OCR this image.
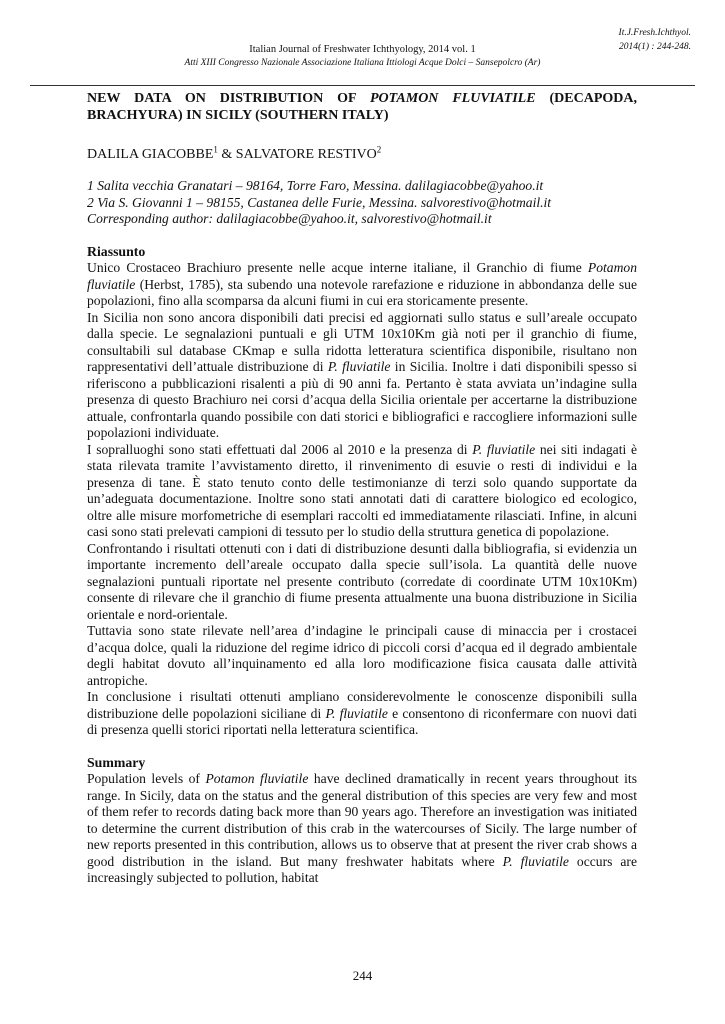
It.J.Fresh.Ichthyol.
2014(1) : 244-248.
Italian Journal of Freshwater Ichthyology, 2014 vol. 1
Atti XIII Congresso Nazionale Associazione Italiana Ittiologi Acque Dolci – Sansepolcro (Ar)
NEW DATA ON DISTRIBUTION OF POTAMON FLUVIATILE (DECAPODA, BRACHYURA) IN SICILY (SOUTHERN ITALY)
DALILA GIACOBBE$^1$ & SALVATORE RESTIVO$^2$
1 Salita vecchia Granatari – 98164, Torre Faro, Messina. dalilagiacobbe@yahoo.it
2 Via S. Giovanni 1 – 98155, Castanea delle Furie, Messina. salvorestivo@hotmail.it
Corresponding author: dalilagiacobbe@yahoo.it, salvorestivo@hotmail.it
Riassunto

Unico Crostaceo Brachiuro presente nelle acque interne italiane, il Granchio di fiume Potamon fluviatile (Herbst, 1785), sta subendo una notevole rarefazione e riduzione in abbondanza delle sue popolazioni, fino alla scomparsa da alcuni fiumi in cui era storicamente presente.

In Sicilia non sono ancora disponibili dati precisi ed aggiornati sullo status e sull’areale occupato dalla specie. Le segnalazioni puntuali e gli UTM 10x10Km già noti per il granchio di fiume, consultabili sul database CKmap e sulla ridotta letteratura scientifica disponibile, risultano non rappresentativi dell’attuale distribuzione di P. fluviatile in Sicilia. Inoltre i dati disponibili spesso si riferiscono a pubblicazioni risalenti a più di 90 anni fa. Pertanto è stata avviata un’indagine sulla presenza di questo Brachiuro nei corsi d’acqua della Sicilia orientale per accertarne la distribuzione attuale, confrontarla quando possibile con dati storici e bibliografici e raccogliere informazioni sulle popolazioni individuate.

I sopralluoghi sono stati effettuati dal 2006 al 2010 e la presenza di P. fluviatile nei siti indagati è stata rilevata tramite l’avvistamento diretto, il rinvenimento di esuvie o resti di individui e la presenza di tane. È stato tenuto conto delle testimonianze di terzi solo quando supportate da un’adeguata documentazione. Inoltre sono stati annotati dati di carattere biologico ed ecologico, oltre alle misure morfometriche di esemplari raccolti ed immediatamente rilasciati. Infine, in alcuni casi sono stati prelevati campioni di tessuto per lo studio della struttura genetica di popolazione.

Confrontando i risultati ottenuti con i dati di distribuzione desunti dalla bibliografia, si evidenzia un importante incremento dell’areale occupato dalla specie sull’isola. La quantità delle nuove segnalazioni puntuali riportate nel presente contributo (corredate di coordinate UTM 10x10Km) consente di rilevare che il granchio di fiume presenta attualmente una buona distribuzione in Sicilia orientale e nord-orientale.

Tuttavia sono state rilevate nell’area d’indagine le principali cause di minaccia per i crostacei d’acqua dolce, quali la riduzione del regime idrico di piccoli corsi d’acqua ed il degrado ambientale degli habitat dovuto all’inquinamento ed alla loro modificazione fisica causata dalle attività antropiche.

In conclusione i risultati ottenuti ampliano considerevolmente le conoscenze disponibili sulla distribuzione delle popolazioni siciliane di P. fluviatile e consentono di riconfermare con nuovi dati di presenza quelli storici riportati nella letteratura scientifica.

Summary

Population levels of Potamon fluviatile have declined dramatically in recent years throughout its range. In Sicily, data on the status and the general distribution of this species are very few and most of them refer to records dating back more than 90 years ago. Therefore an investigation was initiated to determine the current distribution of this crab in the watercourses of Sicily. The large number of new reports presented in this contribution, allows us to observe that at present the river crab shows a good distribution in the island. But many freshwater habitats where P. fluviatile occurs are increasingly subjected to pollution, habitat

244
